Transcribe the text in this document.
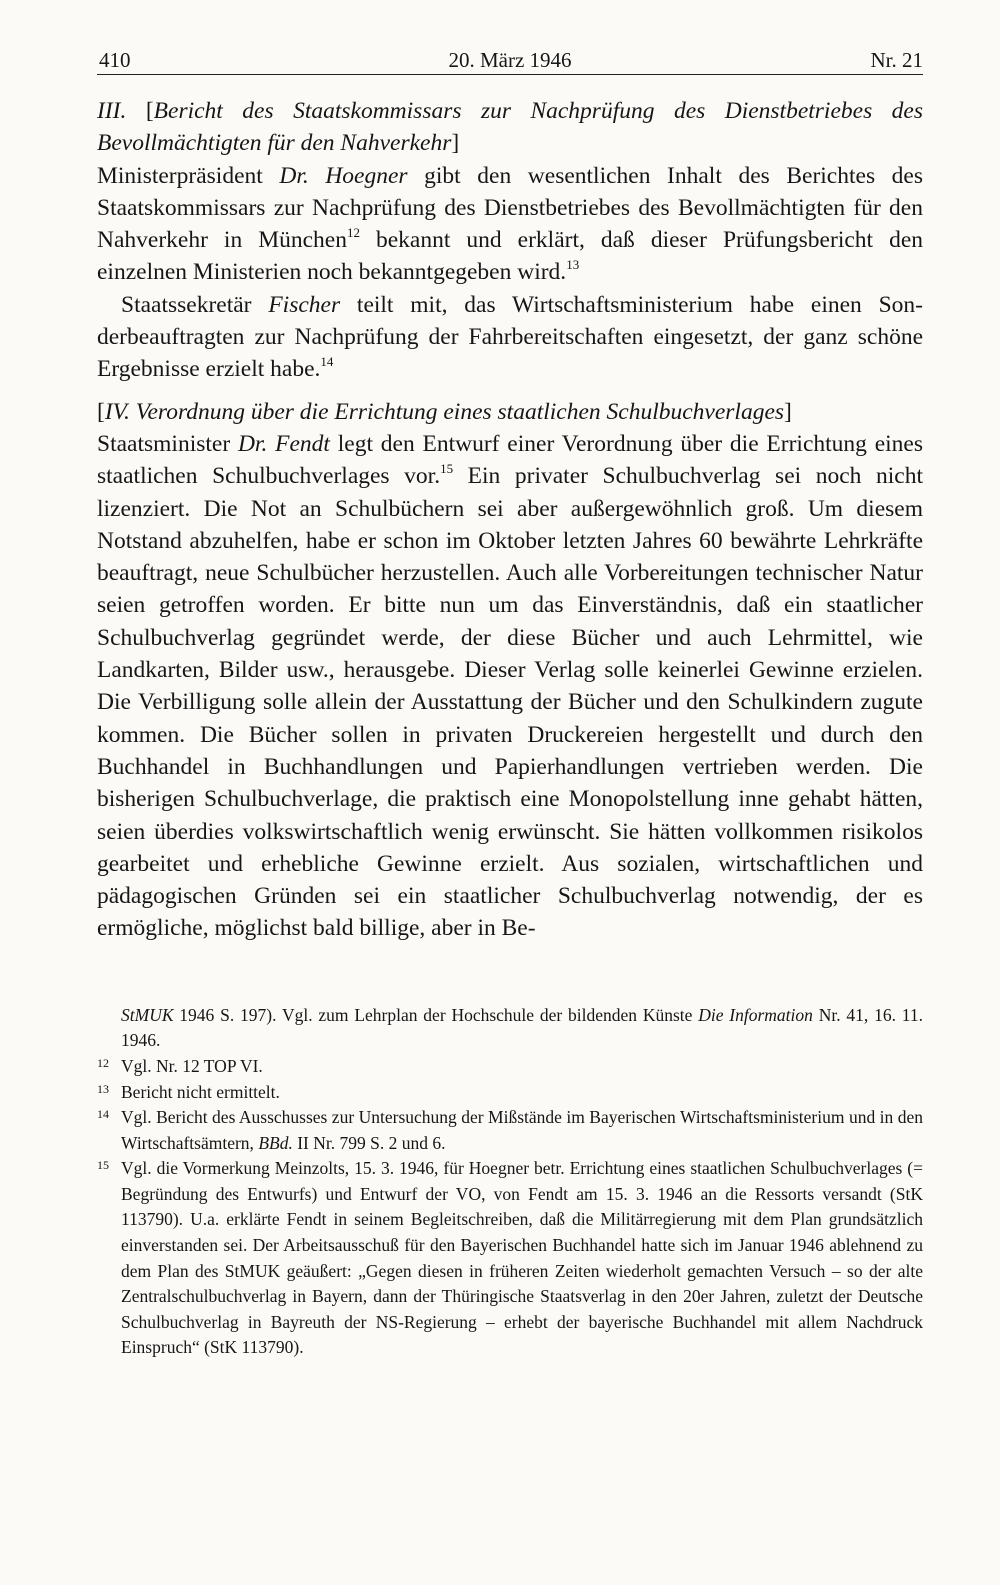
410	20. März 1946	Nr. 21

III. [Bericht des Staatskommissars zur Nachprüfung des Dienstbetriebes des Bevollmächtigten für den Nahverkehr]

Ministerpräsident Dr. Hoegner gibt den wesentlichen Inhalt des Berichtes des Staatskommissars zur Nachprüfung des Dienstbetriebes des Bevollmächtigten für den Nahverkehr in München$^{12}$ bekannt und erklärt, daß dieser Prüfungsbericht den einzelnen Ministerien noch bekanntgegeben wird.$^{13}$

Staatssekretär Fischer teilt mit, das Wirtschaftsministerium habe einen Sonderbeauftragten zur Nachprüfung der Fahrbereitschaften eingesetzt, der ganz schöne Ergebnisse erzielt habe.$^{14}$

[IV. Verordnung über die Errichtung eines staatlichen Schulbuchverlages]

Staatsminister Dr. Fendt legt den Entwurf einer Verordnung über die Errichtung eines staatlichen Schulbuchverlages vor.$^{15}$ Ein privater Schulbuchverlag sei noch nicht lizenziert. Die Not an Schulbüchern sei aber außergewöhnlich groß. Um diesem Notstand abzuhelfen, habe er schon im Oktober letzten Jahres 60 bewährte Lehrkräfte beauftragt, neue Schulbücher herzustellen. Auch alle Vorbereitungen technischer Natur seien getroffen worden. Er bitte nun um das Einverständnis, daß ein staatlicher Schulbuchverlag gegründet werde, der diese Bücher und auch Lehrmittel, wie Landkarten, Bilder usw., herausgebe. Dieser Verlag solle keinerlei Gewinne erzielen. Die Verbilligung solle allein der Ausstattung der Bücher und den Schulkindern zugute kommen. Die Bücher sollen in privaten Druckereien hergestellt und durch den Buchhandel in Buchhandlungen und Papierhandlungen vertrieben werden. Die bisherigen Schulbuchverlage, die praktisch eine Monopolstellung inne gehabt hätten, seien überdies volkswirtschaftlich wenig erwünscht. Sie hätten vollkommen risikolos gearbeitet und erhebliche Gewinne erzielt. Aus sozialen, wirtschaftlichen und pädagogischen Gründen sei ein staatlicher Schulbuchverlag notwendig, der es ermögliche, möglichst bald billige, aber in Be-

StMUK 1946 S. 197). Vgl. zum Lehrplan der Hochschule der bildenden Künste Die Information Nr. 41, 16. 11. 1946.

12 Vgl. Nr. 12 TOP VI.

13 Bericht nicht ermittelt.

14 Vgl. Bericht des Ausschusses zur Untersuchung der Mißstände im Bayerischen Wirtschaftsministerium und in den Wirtschaftsämtern, BBd. II Nr. 799 S. 2 und 6.

15 Vgl. die Vormerkung Meinzolts, 15. 3. 1946, für Hoegner betr. Errichtung eines staatlichen Schulbuchverlages (= Begründung des Entwurfs) und Entwurf der VO, von Fendt am 15. 3. 1946 an die Ressorts versandt (StK 113790). U.a. erklärte Fendt in seinem Begleitschreiben, daß die Militärregierung mit dem Plan grundsätzlich einverstanden sei. Der Arbeitsausschuß für den Bayerischen Buchhandel hatte sich im Januar 1946 ablehnend zu dem Plan des StMUK geäußert: „Gegen diesen in früheren Zeiten wiederholt gemachten Versuch – so der alte Zentralschulbuchverlag in Bayern, dann der Thüringische Staatsverlag in den 20er Jahren, zuletzt der Deutsche Schulbuchverlag in Bayreuth der NS-Regierung – erhebt der bayerische Buchhandel mit allem Nachdruck Einspruch“ (StK 113790).
